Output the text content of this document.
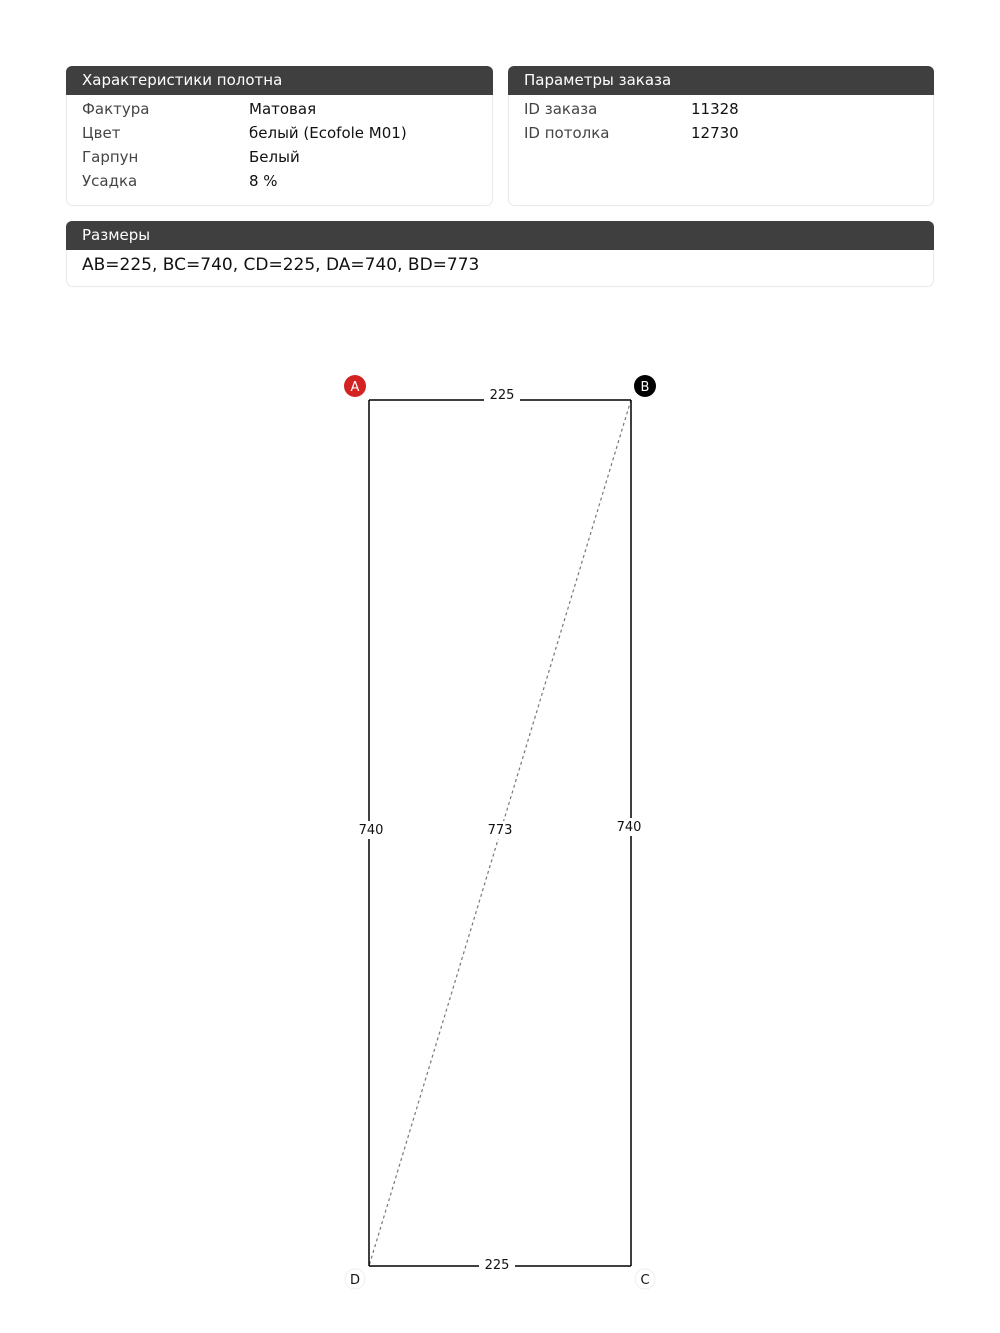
Характеристики полотна
Фактура	Матовая
Цвет	белый (Ecofole M01)
Гарпун	Белый
Усадка	8 %
Параметры заказа
ID заказа	11328
ID потолка	12730
Размеры
AB=225, BC=740, CD=225, DA=740, BD=773
225
225
740	740
773
A	B
C
D
